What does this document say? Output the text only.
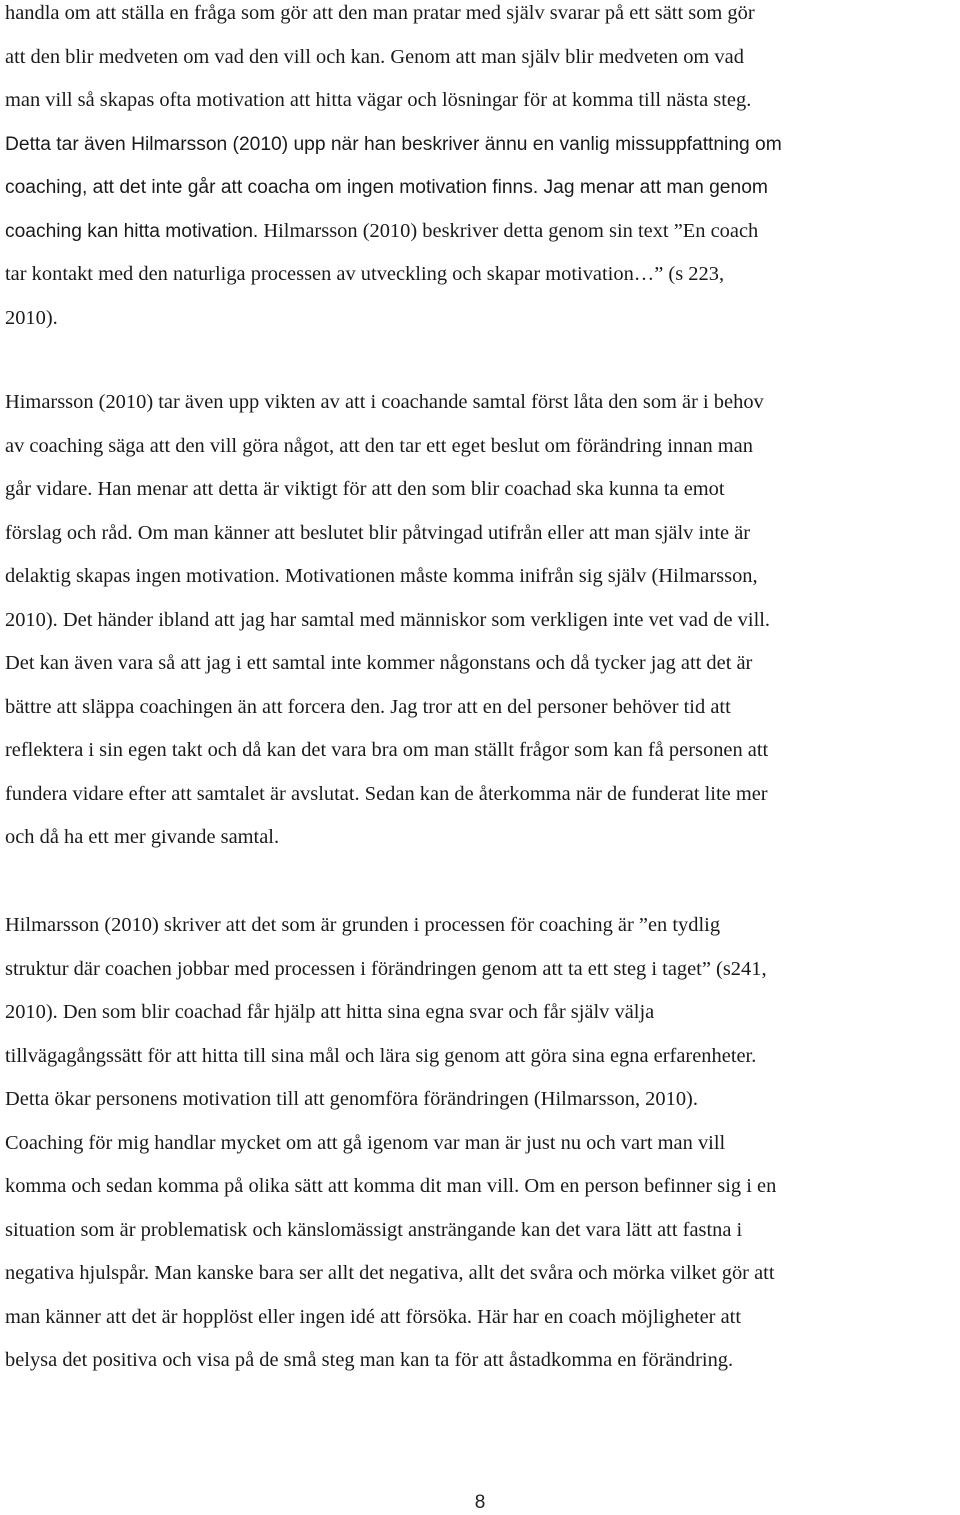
handla om att ställa en fråga som gör att den man pratar med själv svarar på ett sätt som gör
att den blir medveten om vad den vill och kan. Genom att man själv blir medveten om vad
man vill så skapas ofta motivation att hitta vägar och lösningar för at komma till nästa steg.
Detta tar även Hilmarsson (2010) upp när han beskriver ännu en vanlig missuppfattning om
coaching, att det inte går att coacha om ingen motivation finns. Jag menar att man genom
coaching kan hitta motivation. Hilmarsson (2010) beskriver detta genom sin text ”En coach
tar kontakt med den naturliga processen av utveckling och skapar motivation…” (s 223,
2010).
Himarsson (2010) tar även upp vikten av att i coachande samtal först låta den som är i behov
av coaching säga att den vill göra något, att den tar ett eget beslut om förändring innan man
går vidare. Han menar att detta är viktigt för att den som blir coachad ska kunna ta emot
förslag och råd. Om man känner att beslutet blir påtvingad utifrån eller att man själv inte är
delaktig skapas ingen motivation. Motivationen måste komma inifrån sig själv (Hilmarsson,
2010). Det händer ibland att jag har samtal med människor som verkligen inte vet vad de vill.
Det kan även vara så att jag i ett samtal inte kommer någonstans och då tycker jag att det är
bättre att släppa coachingen än att forcera den. Jag tror att en del personer behöver tid att
reflektera i sin egen takt och då kan det vara bra om man ställt frågor som kan få personen att
fundera vidare efter att samtalet är avslutat. Sedan kan de återkomma när de funderat lite mer
och då ha ett mer givande samtal.
Hilmarsson (2010) skriver att det som är grunden i processen för coaching är ”en tydlig
struktur där coachen jobbar med processen i förändringen genom att ta ett steg i taget” (s241,
2010). Den som blir coachad får hjälp att hitta sina egna svar och får själv välja
tillvägagångssätt för att hitta till sina mål och lära sig genom att göra sina egna erfarenheter.
Detta ökar personens motivation till att genomföra förändringen (Hilmarsson, 2010).
Coaching för mig handlar mycket om att gå igenom var man är just nu och vart man vill
komma och sedan komma på olika sätt att komma dit man vill. Om en person befinner sig i en
situation som är problematisk och känslomässigt ansträngande kan det vara lätt att fastna i
negativa hjulspår. Man kanske bara ser allt det negativa, allt det svåra och mörka vilket gör att
man känner att det är hopplöst eller ingen idé att försöka. Här har en coach möjligheter att
belysa det positiva och visa på de små steg man kan ta för att åstadkomma en förändring.
8
